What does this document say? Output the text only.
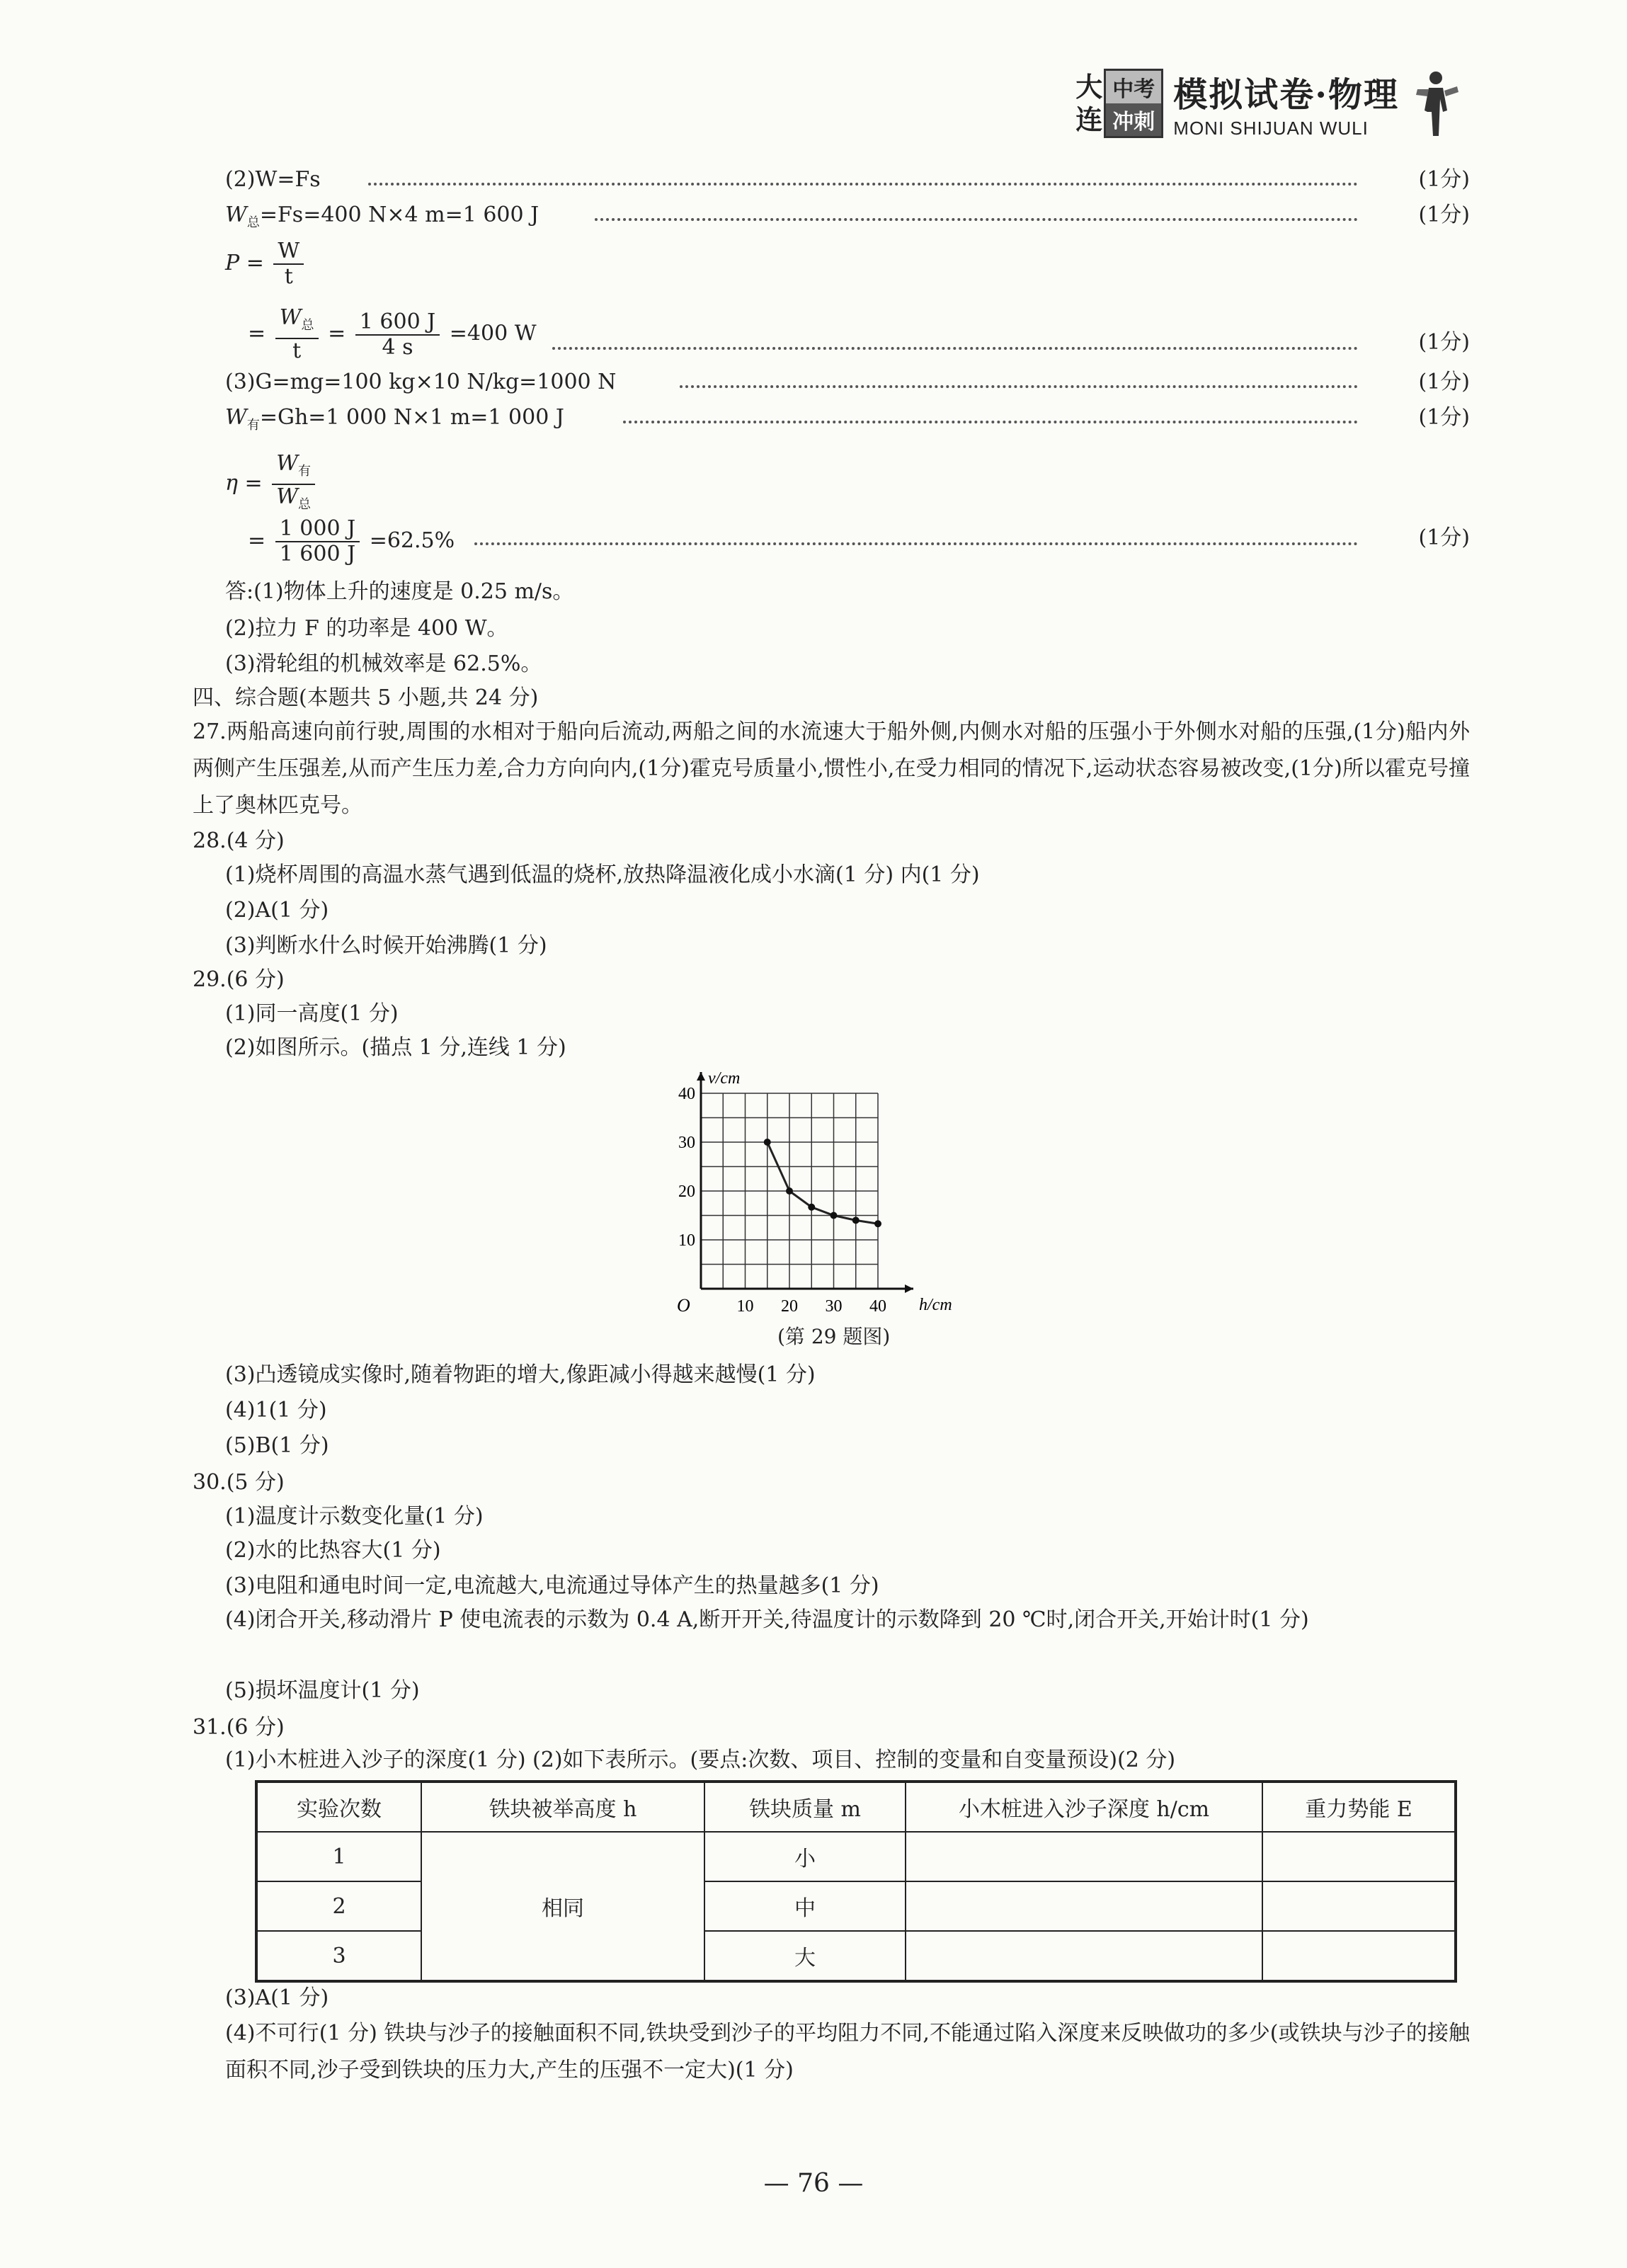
大
连
中考
冲刺
模拟试卷·物理
MONI SHIJUAN WULI
(2)W=Fs	(1分)
$W_总=Fs=400$ N×4 m=1 600 J	(1分)
$P = \frac{W}{t}$
= $\frac{W_总}{t} = \frac{1 600 J}{4 s} =400$ W	(1分)
(3)G=mg=100 kg×10 N/kg=1000 N	(1分)
$W_有=Gh=1$ 000 N×1 m=1 000 J	(1分)
$\eta = \frac{W_有}{W_总}$
= $\frac{1 000 J}{1 600 J} =62.5\%$	(1分)
答:(1)物体上升的速度是 0.25 m/s。
(2)拉力 F 的功率是 400 W。
(3)滑轮组的机械效率是 62.5%。
四、综合题(本题共 5 小题,共 24 分)
27.两船高速向前行驶,周围的水相对于船向后流动,两船之间的水流速大于船外侧,内侧水对船的压强小于外侧水对船的压强,(1分)船内外两侧产生压强差,从而产生压力差,合力方向向内,(1分)霍克号质量小,惯性小,在受力相同的情况下,运动状态容易被改变,(1分)所以霍克号撞上了奥林匹克号。
28.(4 分)
(1)烧杯周围的高温水蒸气遇到低温的烧杯,放热降温液化成小水滴(1 分) 内(1 分)
(2)A(1 分)
(3)判断水什么时候开始沸腾(1 分)
29.(6 分)
(1)同一高度(1 分)
(2)如图所示。(描点 1 分,连线 1 分)
10 20 30 40
10
20
30
40
v/cm
h/cm
O
(第 29 题图)
(3)凸透镜成实像时,随着物距的增大,像距减小得越来越慢(1 分)
(4)1(1 分)
(5)B(1 分)
30.(5 分)
(1)温度计示数变化量(1 分)
(2)水的比热容大(1 分)
(3)电阻和通电时间一定,电流越大,电流通过导体产生的热量越多(1 分)
(4)闭合开关,移动滑片 P 使电流表的示数为 0.4 A,断开开关,待温度计的示数降到 20 ℃时,闭合开关,开始计时(1 分)
(5)损坏温度计(1 分)
31.(6 分)
(1)小木桩进入沙子的深度(1 分) (2)如下表所示。(要点:次数、项目、控制的变量和自变量预设)(2 分)
实验次数	铁块被举高度 h	铁块质量 m	小木桩进入沙子深度 h/cm	重力势能 E
1	相同	小		
2		中		
3		大		
(3)A(1 分)
(4)不可行(1 分) 铁块与沙子的接触面积不同,铁块受到沙子的平均阻力不同,不能通过陷入深度来反映做功的多少(或铁块与沙子的接触面积不同,沙子受到铁块的压力大,产生的压强不一定大)(1 分)
— 76 —
